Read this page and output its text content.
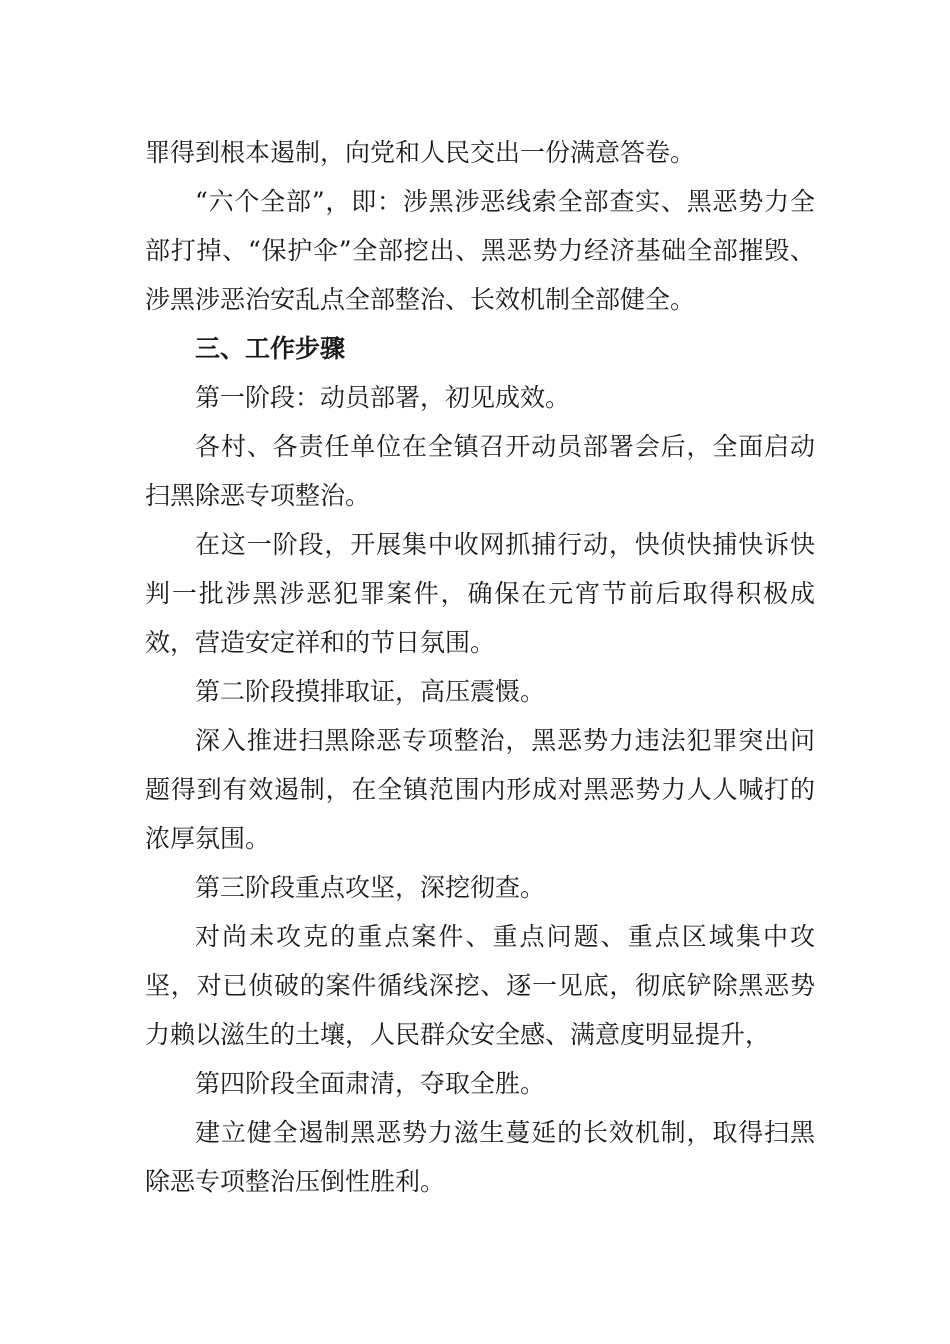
罪得到根本遏制，向党和人民交出一份满意答卷。

“六个全部”，即：涉黑涉恶线索全部查实、黑恶势力全部打掉、“保护伞”全部挖出、黑恶势力经济基础全部摧毁、涉黑涉恶治安乱点全部整治、长效机制全部健全。

三、工作步骤

第一阶段：动员部署，初见成效。

各村、各责任单位在全镇召开动员部署会后，全面启动扫黑除恶专项整治。

在这一阶段，开展集中收网抓捕行动，快侦快捕快诉快判一批涉黑涉恶犯罪案件，确保在元宵节前后取得积极成效，营造安定祥和的节日氛围。

第二阶段摸排取证，高压震慑。

深入推进扫黑除恶专项整治，黑恶势力违法犯罪突出问题得到有效遏制，在全镇范围内形成对黑恶势力人人喊打的浓厚氛围。

第三阶段重点攻坚，深挖彻查。

对尚未攻克的重点案件、重点问题、重点区域集中攻坚，对已侦破的案件循线深挖、逐一见底，彻底铲除黑恶势力赖以滋生的土壤，人民群众安全感、满意度明显提升，

第四阶段全面肃清，夺取全胜。

建立健全遏制黑恶势力滋生蔓延的长效机制，取得扫黑除恶专项整治压倒性胜利。
